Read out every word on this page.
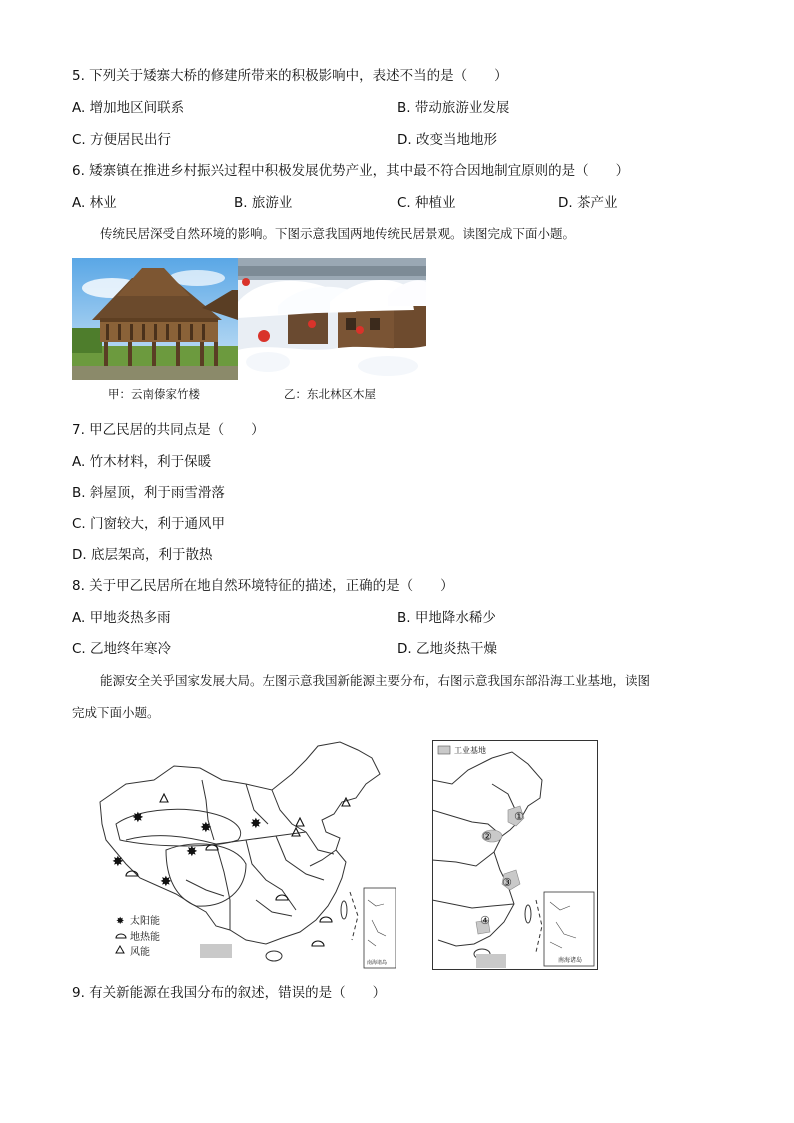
5. 下列关于矮寨大桥的修建所带来的积极影响中，表述不当的是（　　）
A. 增加地区间联系	B. 带动旅游业发展
C. 方便居民出行	D. 改变当地地形
6. 矮寨镇在推进乡村振兴过程中积极发展优势产业，其中最不符合因地制宜原则的是（　　）
A. 林业	B. 旅游业	C. 种植业	D. 茶产业
传统民居深受自然环境的影响。下图示意我国两地传统民居景观。读图完成下面小题。
甲：云南傣家竹楼	乙：东北林区木屋
7. 甲乙民居的共同点是（　　）
A. 竹木材料，利于保暖
B. 斜屋顶，利于雨雪滑落
C. 门窗较大，利于通风甲
D. 底层架高，利于散热
8. 关于甲乙民居所在地自然环境特征的描述，正确的是（　　）
A. 甲地炎热多雨	B. 甲地降水稀少
C. 乙地终年寒冷	D. 乙地炎热干燥
能源安全关乎国家发展大局。左图示意我国新能源主要分布，右图示意我国东部沿海工业基地，读图
完成下面小题。
✸
✸	✸
✸
✸
✸
✸ 太阳能
地热能
风能
南海诸岛
工业基地
①
②
③
④
南海诸岛
9. 有关新能源在我国分布的叙述，错误的是（　　）
